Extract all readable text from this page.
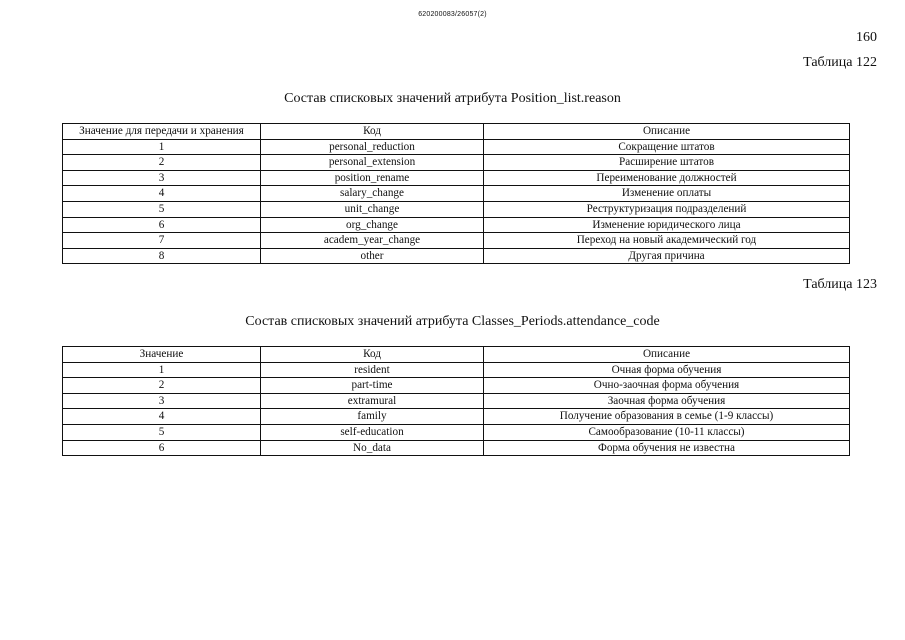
620200083/26057(2)
160
Таблица 122
Состав списковых значений атрибута Position_list.reason
Значение для передачи и хранения	Код	Описание
1	personal_reduction	Сокращение штатов
2	personal_extension	Расширение штатов
3	position_rename	Переименование должностей
4	salary_change	Изменение оплаты
5	unit_change	Реструктуризация подразделений
6	org_change	Изменение юридического лица
7	academ_year_change	Переход на новый академический год
8	other	Другая причина
Таблица 123
Состав списковых значений атрибута Classes_Periods.attendance_code
Значение	Код	Описание
1	resident	Очная форма обучения
2	part-time	Очно-заочная форма обучения
3	extramural	Заочная форма обучения
4	family	Получение образования в семье (1-9 классы)
5	self-education	Самообразование (10-11 классы)
6	No_data	Форма обучения не известна
